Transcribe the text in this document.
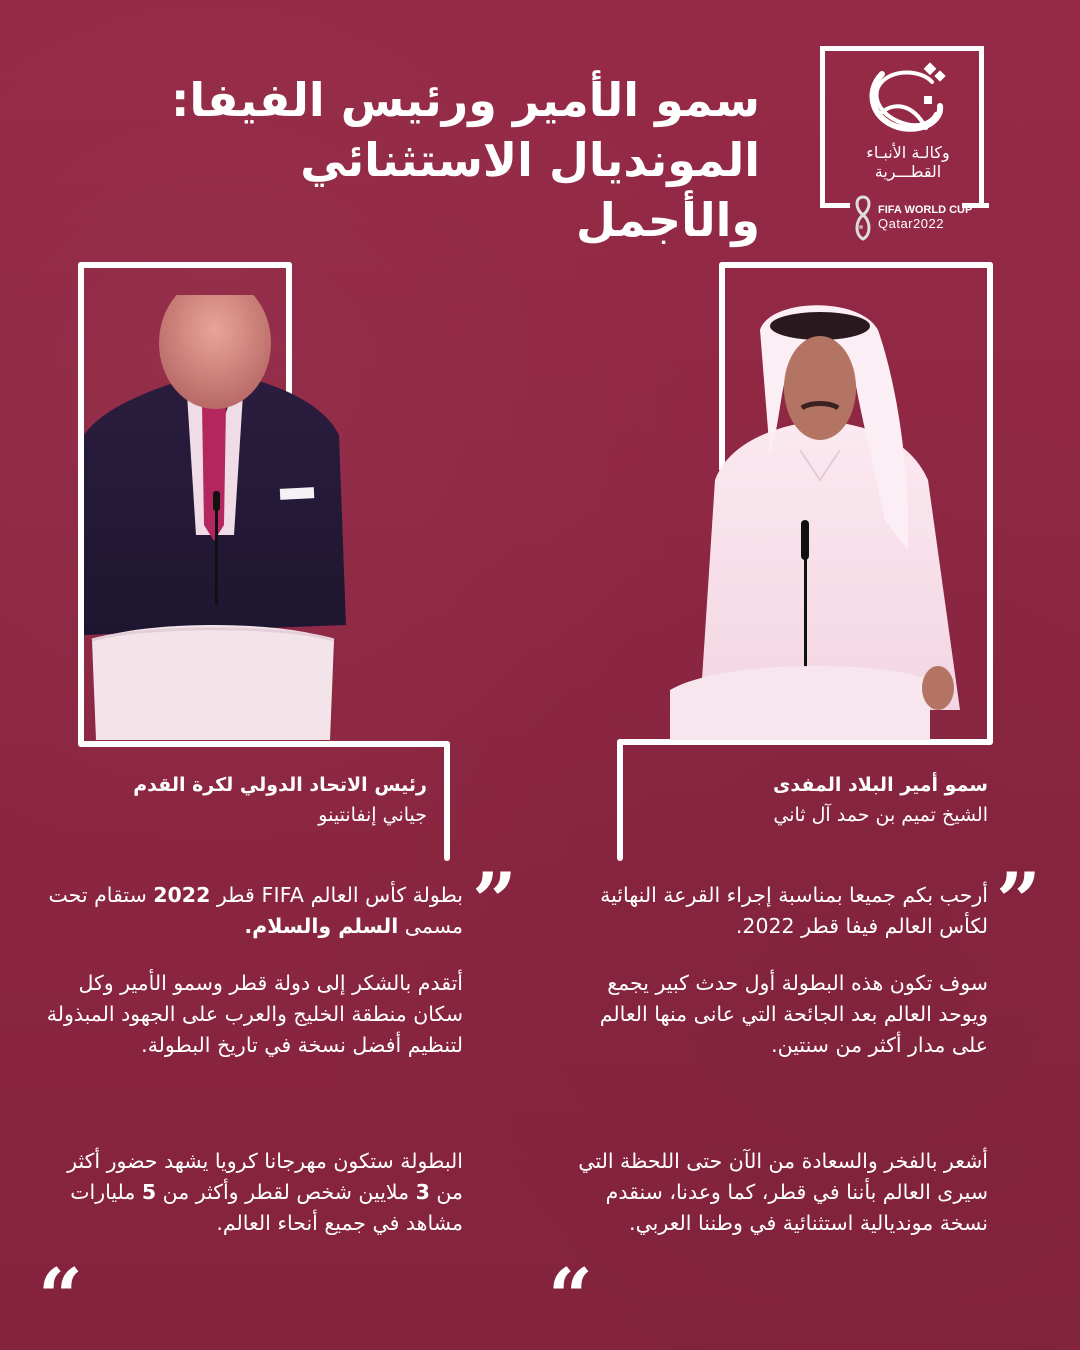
سمو الأمير ورئيس الفيفا:
المونديال الاستثنائي والأجمل
وكالـة الأنبـاء
القطـــرية
FIFA WORLD CUP
Qatar2022
سمو أمير البلاد المفدى
الشيخ تميم بن حمد آل ثاني
رئيس الاتحاد الدولي لكرة القدم
جياني إنفانتينو
”
”	أرحب بكم جميعا بمناسبة إجراء القرعة النهائية لكأس العالم فيفا قطر 2022.
سوف تكون هذه البطولة أول حدث كبير يجمع ويوحد العالم بعد الجائحة التي عانى منها العالم على مدار أكثر من سنتين.
أشعر بالفخر والسعادة من الآن حتى اللحظة التي سيرى العالم بأننا في قطر، كما وعدنا، سنقدم نسخة مونديالية استثنائية في وطننا العربي.
بطولة كأس العالم FIFA قطر 2022 ستقام تحت مسمى السلم والسلام.
أتقدم بالشكر إلى دولة قطر وسمو الأمير وكل سكان منطقة الخليج والعرب على الجهود المبذولة لتنظيم أفضل نسخة في تاريخ البطولة.
البطولة ستكون مهرجانا كرويا يشهد حضور أكثر من 3 ملايين شخص لقطر وأكثر من 5 مليارات مشاهد في جميع أنحاء العالم.
“
“
